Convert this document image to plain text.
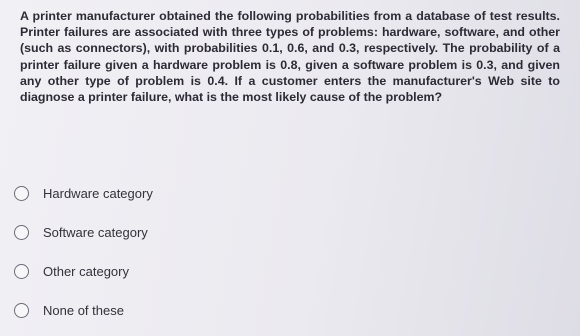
A printer manufacturer obtained the following probabilities from a database of test results. Printer failures are associated with three types of problems: hardware, software, and other (such as connectors), with probabilities 0.1, 0.6, and 0.3, respectively. The probability of a printer failure given a hardware problem is 0.8, given a software problem is 0.3, and given any other type of problem is 0.4. If a customer enters the manufacturer's Web site to diagnose a printer failure, what is the most likely cause of the problem?
Hardware category
Software category
Other category
None of these
